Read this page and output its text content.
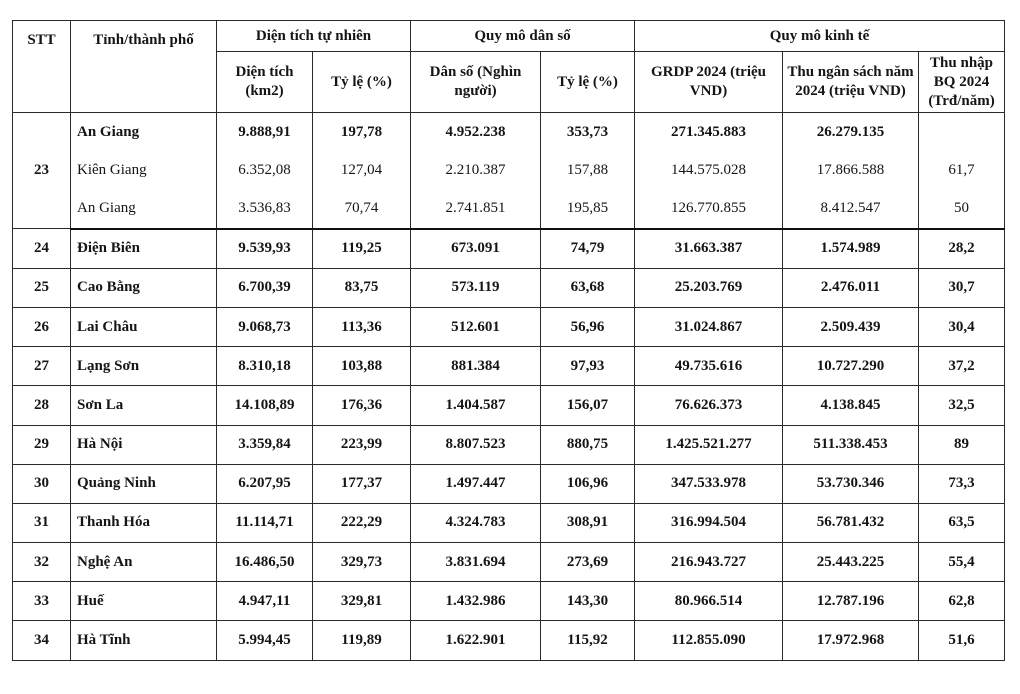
STT	Tỉnh/thành phố	Diện tích tự nhiên		Quy mô dân số		Quy mô kinh tế		
		Diện tích (km2)	Tỷ lệ (%)	Dân số (Nghìn người)	Tỷ lệ (%)	GRDP 2024 (triệu VND)	Thu ngân sách năm 2024 (triệu VND)	Thu nhập BQ 2024 (Trđ/năm)
23	An Giang	9.888,91	197,78	4.952.238	353,73	271.345.883	26.279.135	
	Kiên Giang	6.352,08	127,04	2.210.387	157,88	144.575.028	17.866.588	61,7
	An Giang	3.536,83	70,74	2.741.851	195,85	126.770.855	8.412.547	50
24	Điện Biên	9.539,93	119,25	673.091	74,79	31.663.387	1.574.989	28,2
25	Cao Bằng	6.700,39	83,75	573.119	63,68	25.203.769	2.476.011	30,7
26	Lai Châu	9.068,73	113,36	512.601	56,96	31.024.867	2.509.439	30,4
27	Lạng Sơn	8.310,18	103,88	881.384	97,93	49.735.616	10.727.290	37,2
28	Sơn La	14.108,89	176,36	1.404.587	156,07	76.626.373	4.138.845	32,5
29	Hà Nội	3.359,84	223,99	8.807.523	880,75	1.425.521.277	511.338.453	89
30	Quảng Ninh	6.207,95	177,37	1.497.447	106,96	347.533.978	53.730.346	73,3
31	Thanh Hóa	11.114,71	222,29	4.324.783	308,91	316.994.504	56.781.432	63,5
32	Nghệ An	16.486,50	329,73	3.831.694	273,69	216.943.727	25.443.225	55,4
33	Huế	4.947,11	329,81	1.432.986	143,30	80.966.514	12.787.196	62,8
34	Hà Tĩnh	5.994,45	119,89	1.622.901	115,92	112.855.090	17.972.968	51,6
